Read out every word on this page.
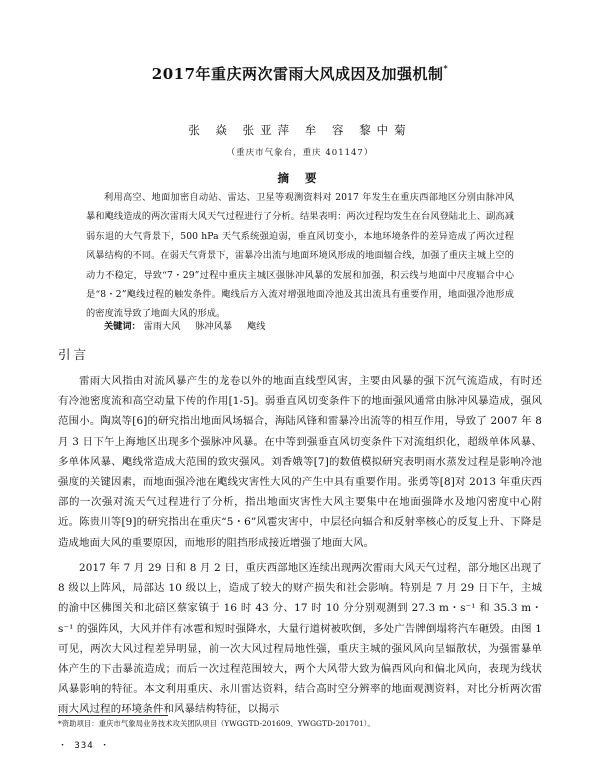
2017年重庆两次雷雨大风成因及加强机制*
张 焱 张亚萍 牟 容 黎中菊
（重庆市气象台，重庆 401147）
摘 要

利用高空、地面加密自动站、雷达、卫星等观测资料对 2017 年发生在重庆西部地区分别由脉冲风暴和飑线造成的两次雷雨大风天气过程进行了分析。结果表明：两次过程均发生在台风登陆北上、副高减弱东退的大气背景下，500 hPa 天气系统强迫弱，垂直风切变小，本地环境条件的差异造成了两次过程风暴结构的不同。在弱天气背景下，雷暴冷出流与地面环境风形成的地面辐合线，加强了重庆主城上空的动力不稳定，导致“7・29”过程中重庆主城区强脉冲风暴的发展和加强，积云线与地面中尺度辐合中心是“8・2”飑线过程的触发条件。飑线后方入流对增强地面冷池及其出流具有重要作用，地面强冷池形成的密度流导致了地面大风的形成。

关键词： 雷雨大风 脉冲风暴 飑线
引言

雷雨大风指由对流风暴产生的龙卷以外的地面直线型风害，主要由风暴的强下沉气流造成，有时还有冷池密度流和高空动量下传的作用[1-5]。弱垂直风切变条件下的地面强风通常由脉冲风暴造成，强风范围小。陶岚等[6]的研究指出地面风场辐合，海陆风锋和雷暴冷出流等的相互作用，导致了 2007 年 8 月 3 日下午上海地区出现多个强脉冲风暴。在中等到强垂直风切变条件下对流组织化，超级单体风暴、多单体风暴、飑线常造成大范围的致灾强风。刘香娥等[7]的数值模拟研究表明雨水蒸发过程是影响冷池强度的关键因素，而地面强冷池在飑线灾害性大风的产生中具有重要作用。张勇等[8]对 2013 年重庆西部的一次强对流天气过程进行了分析，指出地面灾害性大风主要集中在地面强降水及地闪密度中心附近。陈贵川等[9]的研究指出在重庆“5・6”风雹灾害中，中层径向辐合和反射率核心的反复上升、下降是造成地面大风的重要原因，而地形的阻挡形成接近增强了地面大风。

2017 年 7 月 29 日和 8 月 2 日，重庆西部地区连续出现两次雷雨大风天气过程，部分地区出现了 8 级以上阵风，局部达 10 级以上，造成了较大的财产损失和社会影响。特别是 7 月 29 日下午，主城的渝中区佛图关和北碚区蔡家镇于 16 时 43 分、17 时 10 分分别观测到 27.3 m・s⁻¹ 和 35.3 m・s⁻¹ 的强阵风，大风并伴有冰雹和短时强降水，大量行道树被吹倒，多处广告牌倒塌将汽车砸毁。由图 1 可见，两次大风过程差异明显，前一次大风过程局地性强，重庆主城的强风风向呈辐散状，为强雷暴单体产生的下击暴流造成；而后一次过程范围较大，两个大风带大致为偏西风向和偏北风向，表现为线状风暴影响的特征。本文利用重庆、永川雷达资料，结合高时空分辨率的地面观测资料，对比分析两次雷雨大风过程的环境条件和风暴结构特征，以揭示

*资助项目：重庆市气象局业务技术攻关团队项目（YWGGTD-201609、YWGGTD-201701）。
・ 334 ・
